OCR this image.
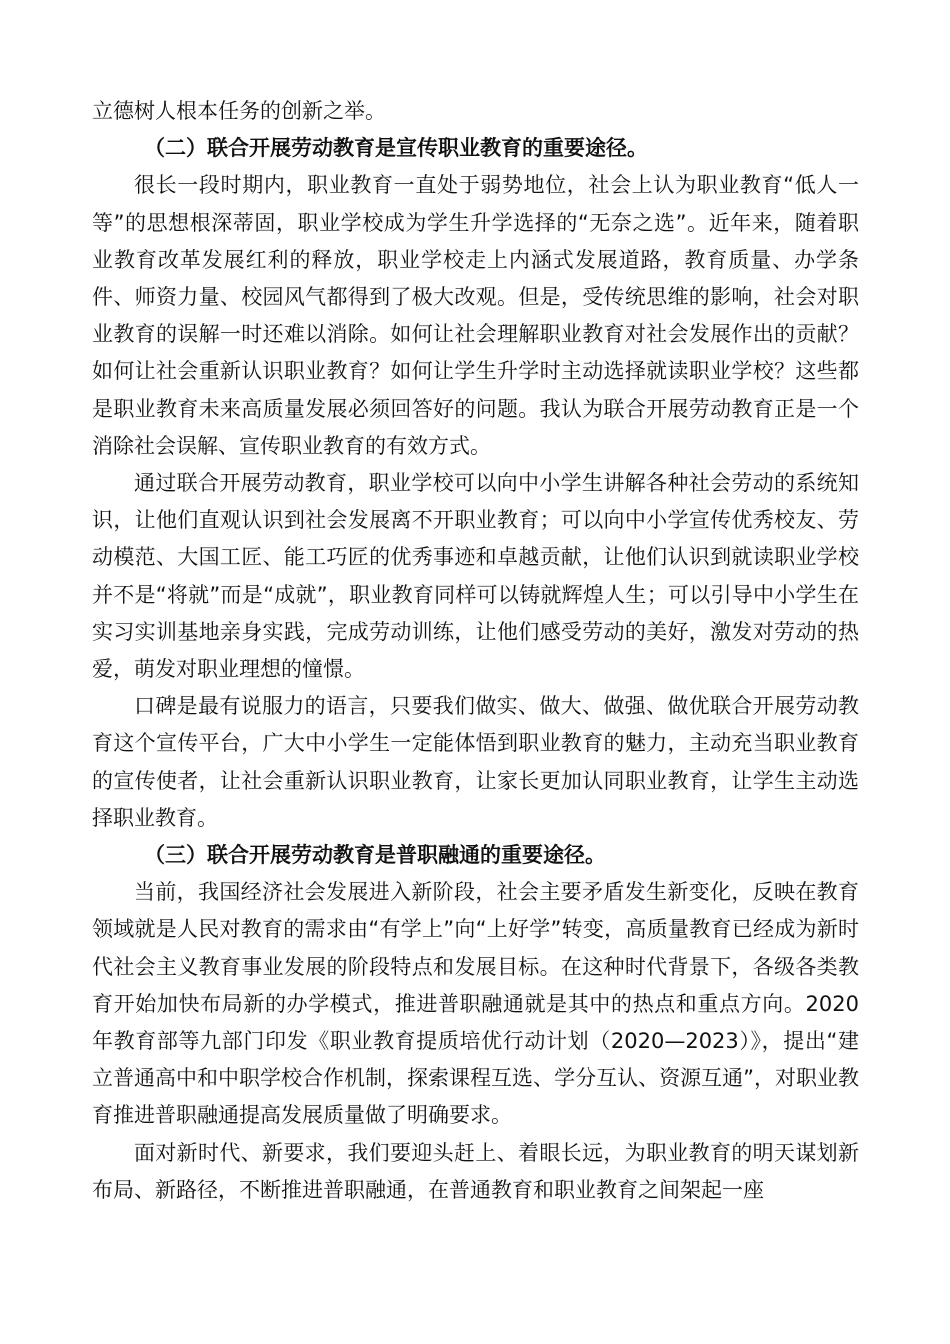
立德树人根本任务的创新之举。

（二）联合开展劳动教育是宣传职业教育的重要途径。

很长一段时期内，职业教育一直处于弱势地位，社会上认为职业教育“低人一等”的思想根深蒂固，职业学校成为学生升学选择的“无奈之选”。近年来，随着职业教育改革发展红利的释放，职业学校走上内涵式发展道路，教育质量、办学条件、师资力量、校园风气都得到了极大改观。但是，受传统思维的影响，社会对职业教育的误解一时还难以消除。如何让社会理解职业教育对社会发展作出的贡献？如何让社会重新认识职业教育？如何让学生升学时主动选择就读职业学校？这些都是职业教育未来高质量发展必须回答好的问题。我认为联合开展劳动教育正是一个消除社会误解、宣传职业教育的有效方式。

通过联合开展劳动教育，职业学校可以向中小学生讲解各种社会劳动的系统知识，让他们直观认识到社会发展离不开职业教育；可以向中小学宣传优秀校友、劳动模范、大国工匠、能工巧匠的优秀事迹和卓越贡献，让他们认识到就读职业学校并不是“将就”而是“成就”，职业教育同样可以铸就辉煌人生；可以引导中小学生在实习实训基地亲身实践，完成劳动训练，让他们感受劳动的美好，激发对劳动的热爱，萌发对职业理想的憧憬。

口碑是最有说服力的语言，只要我们做实、做大、做强、做优联合开展劳动教育这个宣传平台，广大中小学生一定能体悟到职业教育的魅力，主动充当职业教育的宣传使者，让社会重新认识职业教育，让家长更加认同职业教育，让学生主动选择职业教育。

（三）联合开展劳动教育是普职融通的重要途径。

当前，我国经济社会发展进入新阶段，社会主要矛盾发生新变化，反映在教育领域就是人民对教育的需求由“有学上”向“上好学”转变，高质量教育已经成为新时代社会主义教育事业发展的阶段特点和发展目标。在这种时代背景下，各级各类教育开始加快布局新的办学模式，推进普职融通就是其中的热点和重点方向。2020年教育部等九部门印发《职业教育提质培优行动计划（2020—2023）》，提出“建立普通高中和中职学校合作机制，探索课程互选、学分互认、资源互通”，对职业教育推进普职融通提高发展质量做了明确要求。

面对新时代、新要求，我们要迎头赶上、着眼长远，为职业教育的明天谋划新布局、新路径，不断推进普职融通，在普通教育和职业教育之间架起一座
